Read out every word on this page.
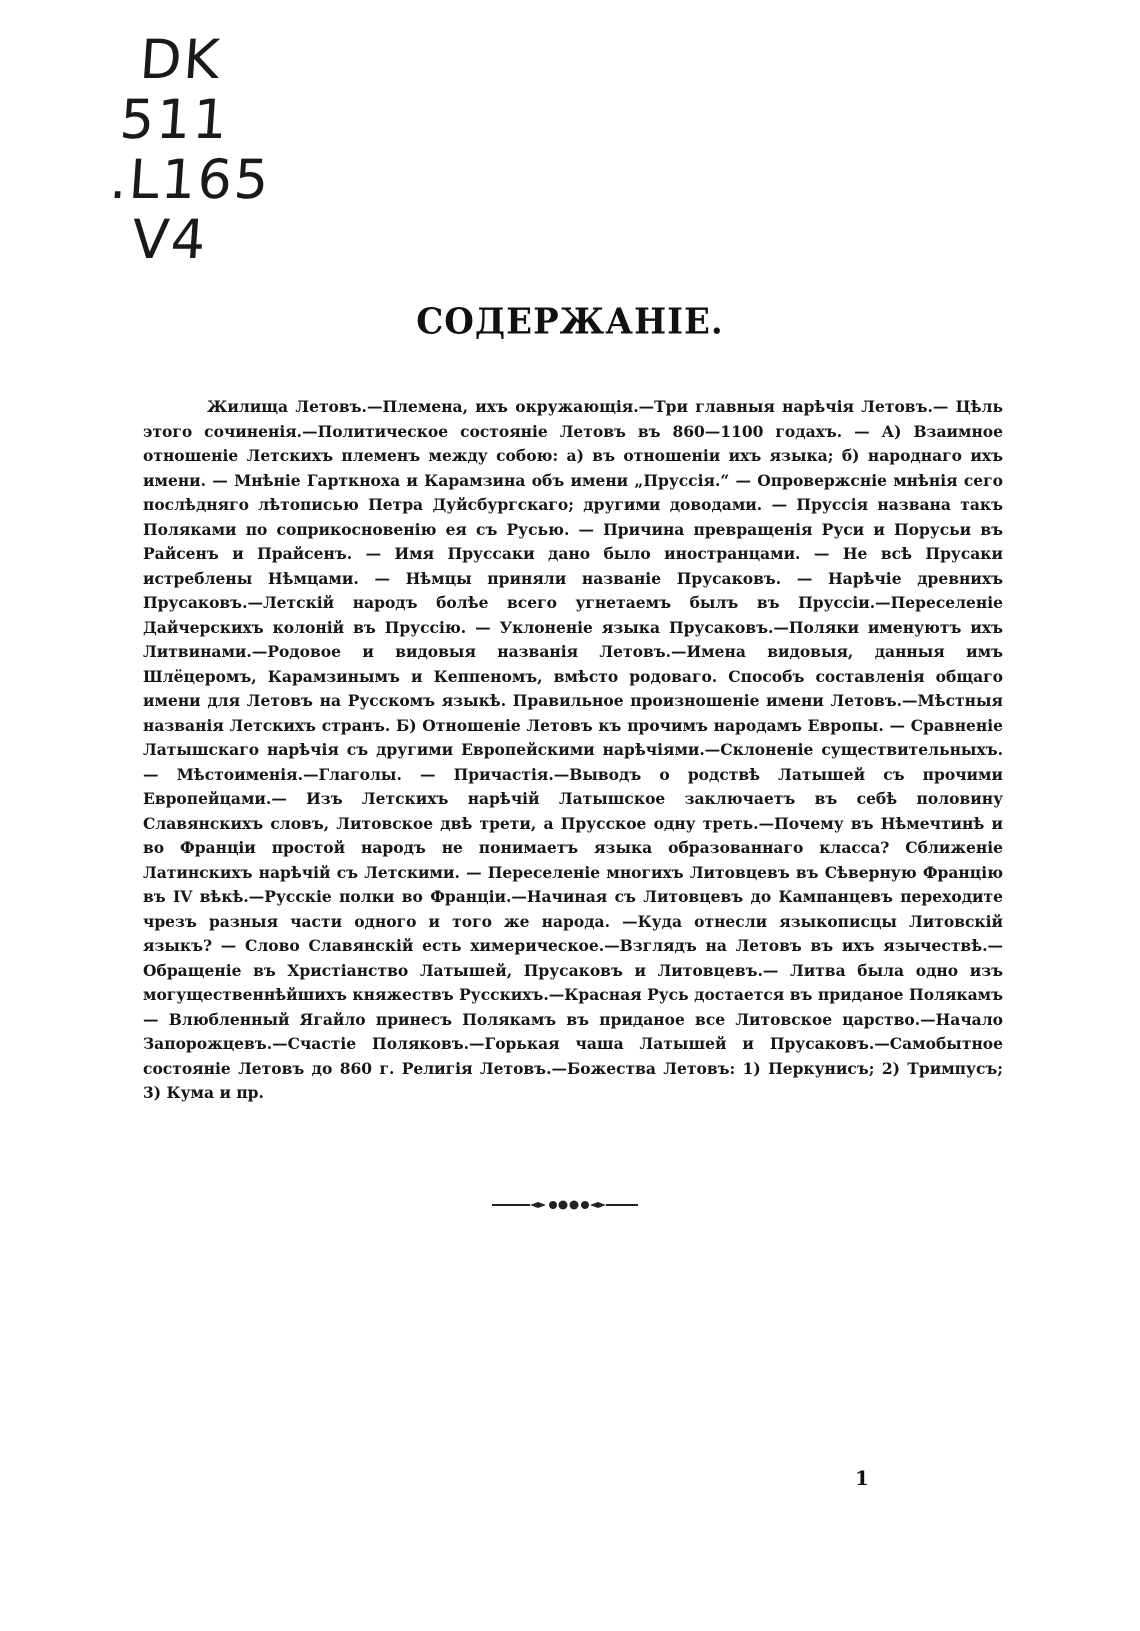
DK
511
.L165
V4
СОДЕРЖАНІЕ.

Жилища Летовъ.—Племена, ихъ окружающія.—Три главныя нарѣчія Летовъ.— Цѣль этого сочиненія.—Политическое состояніе Летовъ въ 860—1100 годахъ. — А) Взаимное отношеніе Летскихъ племенъ между собою: а) въ отношеніи ихъ языка; б) народнаго ихъ имени. — Мнѣніе Гарткноха и Карамзина объ имени „Пруссія.“ — Опровержсніе мнѣнія сего послѣдняго лѣтописью Петра Дуйсбургскаго; другими доводами. — Пруссія названа такъ Поляками по соприкосновенію ея съ Русью. — Причина превращенія Руси и Порусьи въ Райсенъ и Прайсенъ. — Имя Пруссаки дано было иностранцами. — Не всѣ Прусаки истреблены Нѣмцами. — Нѣмцы приняли названіе Прусаковъ. — Нарѣчіе древнихъ Прусаковъ.—Летскій народъ болѣе всего угнетаемъ былъ въ Пруссіи.—Переселеніе Дайчерскихъ колоній въ Пруссію. — Уклоненіе языка Прусаковъ.—Поляки именуютъ ихъ Литвинами.—Родовое и видовыя названія Летовъ.—Имена видовыя, данныя имъ Шлёцеромъ, Карамзинымъ и Кеппеномъ, вмѣсто родоваго. Способъ составленія общаго имени для Летовъ на Русскомъ языкѣ. Правильное произношеніе имени Летовъ.—Мѣстныя названія Летскихъ странъ. Б) Отношеніе Летовъ къ прочимъ народамъ Европы. — Сравненіе Латышскаго нарѣчія съ другими Европейскими нарѣчіями.—Склоненіе существительныхъ. — Мѣстоименія.—Глаголы. — Причастія.—Выводъ о родствѣ Латышей съ прочими Европейцами.— Изъ Летскихъ нарѣчій Латышское заключаетъ въ себѣ половину Славянскихъ словъ, Литовское двѣ трети, а Прусское одну треть.—Почему въ Нѣмечтинѣ и во Франціи простой народъ не понимаетъ языка образованнаго класса? Сближеніе Латинскихъ нарѣчій съ Летскими. — Переселеніе многихъ Литовцевъ въ Сѣверную Францію въ IV вѣкѣ.—Русскіе полки во Франціи.—Начиная съ Литовцевъ до Кампанцевъ переходите чрезъ разныя части одного и того же народа. —Куда отнесли языкописцы Литовскій языкъ? — Слово Славянскій есть химерическое.—Взглядъ на Летовъ въ ихъ язычествѣ.—Обращеніе въ Христіанство Латышей, Прусаковъ и Литовцевъ.— Литва была одно изъ могущественнѣйшихъ княжествъ Русскихъ.—Красная Русь достается въ приданое Полякамъ — Влюбленный Ягайло принесъ Полякамъ въ приданое все Литовское царство.—Начало Запорожцевъ.—Счастіе Поляковъ.—Горькая чаша Латышей и Прусаковъ.—Самобытное состояніе Летовъ до 860 г. Религія Летовъ.—Божества Летовъ: 1) Перкунисъ; 2) Тримпусъ; 3) Кума и пр.

1
